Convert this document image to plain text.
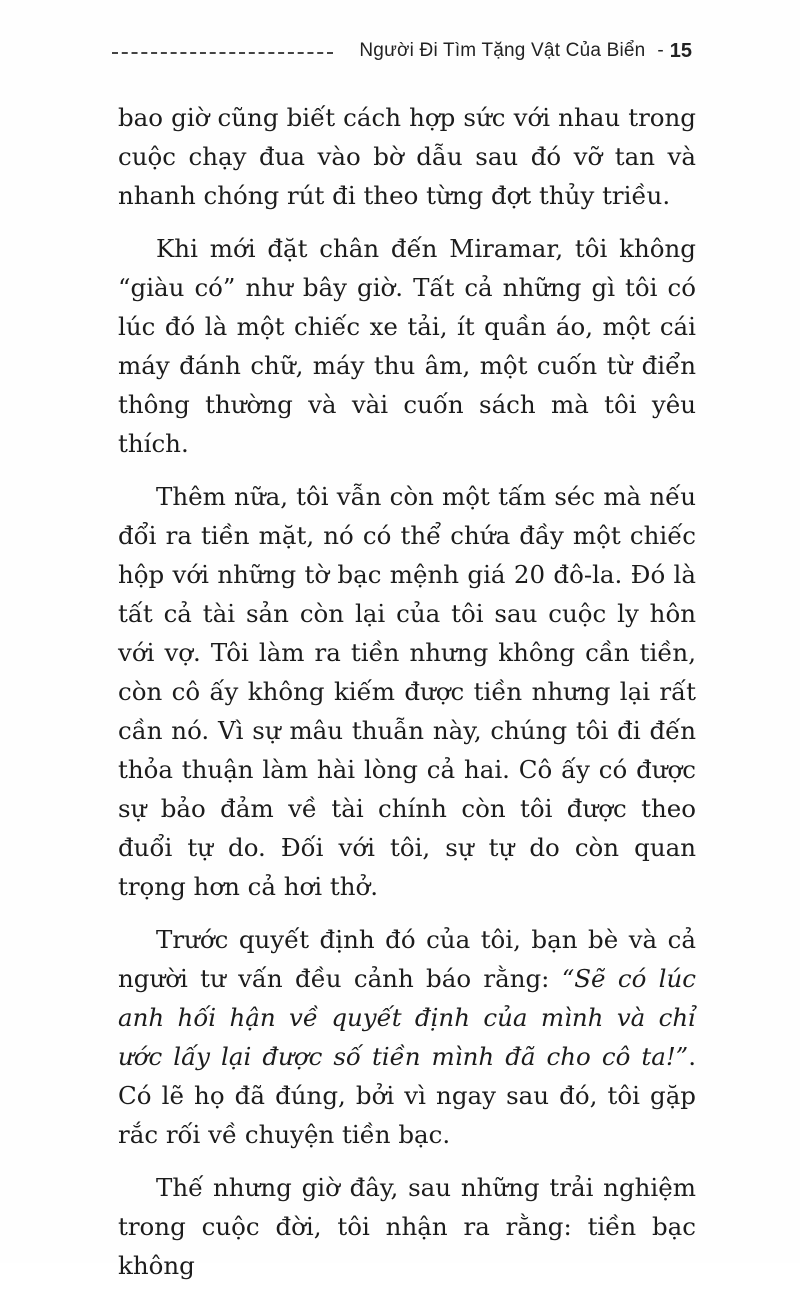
Người Đi Tìm Tặng Vật Của Biển - 15

bao giờ cũng biết cách hợp sức với nhau trong cuộc chạy đua vào bờ dẫu sau đó vỡ tan và nhanh chóng rút đi theo từng đợt thủy triều.

Khi mới đặt chân đến Miramar, tôi không “giàu có” như bây giờ. Tất cả những gì tôi có lúc đó là một chiếc xe tải, ít quần áo, một cái máy đánh chữ, máy thu âm, một cuốn từ điển thông thường và vài cuốn sách mà tôi yêu thích.

Thêm nữa, tôi vẫn còn một tấm séc mà nếu đổi ra tiền mặt, nó có thể chứa đầy một chiếc hộp với những tờ bạc mệnh giá 20 đô-la. Đó là tất cả tài sản còn lại của tôi sau cuộc ly hôn với vợ. Tôi làm ra tiền nhưng không cần tiền, còn cô ấy không kiếm được tiền nhưng lại rất cần nó. Vì sự mâu thuẫn này, chúng tôi đi đến thỏa thuận làm hài lòng cả hai. Cô ấy có được sự bảo đảm về tài chính còn tôi được theo đuổi tự do. Đối với tôi, sự tự do còn quan trọng hơn cả hơi thở.

Trước quyết định đó của tôi, bạn bè và cả người tư vấn đều cảnh báo rằng: “Sẽ có lúc anh hối hận về quyết định của mình và chỉ ước lấy lại được số tiền mình đã cho cô ta!”. Có lẽ họ đã đúng, bởi vì ngay sau đó, tôi gặp rắc rối về chuyện tiền bạc.

Thế nhưng giờ đây, sau những trải nghiệm trong cuộc đời, tôi nhận ra rằng: tiền bạc không
